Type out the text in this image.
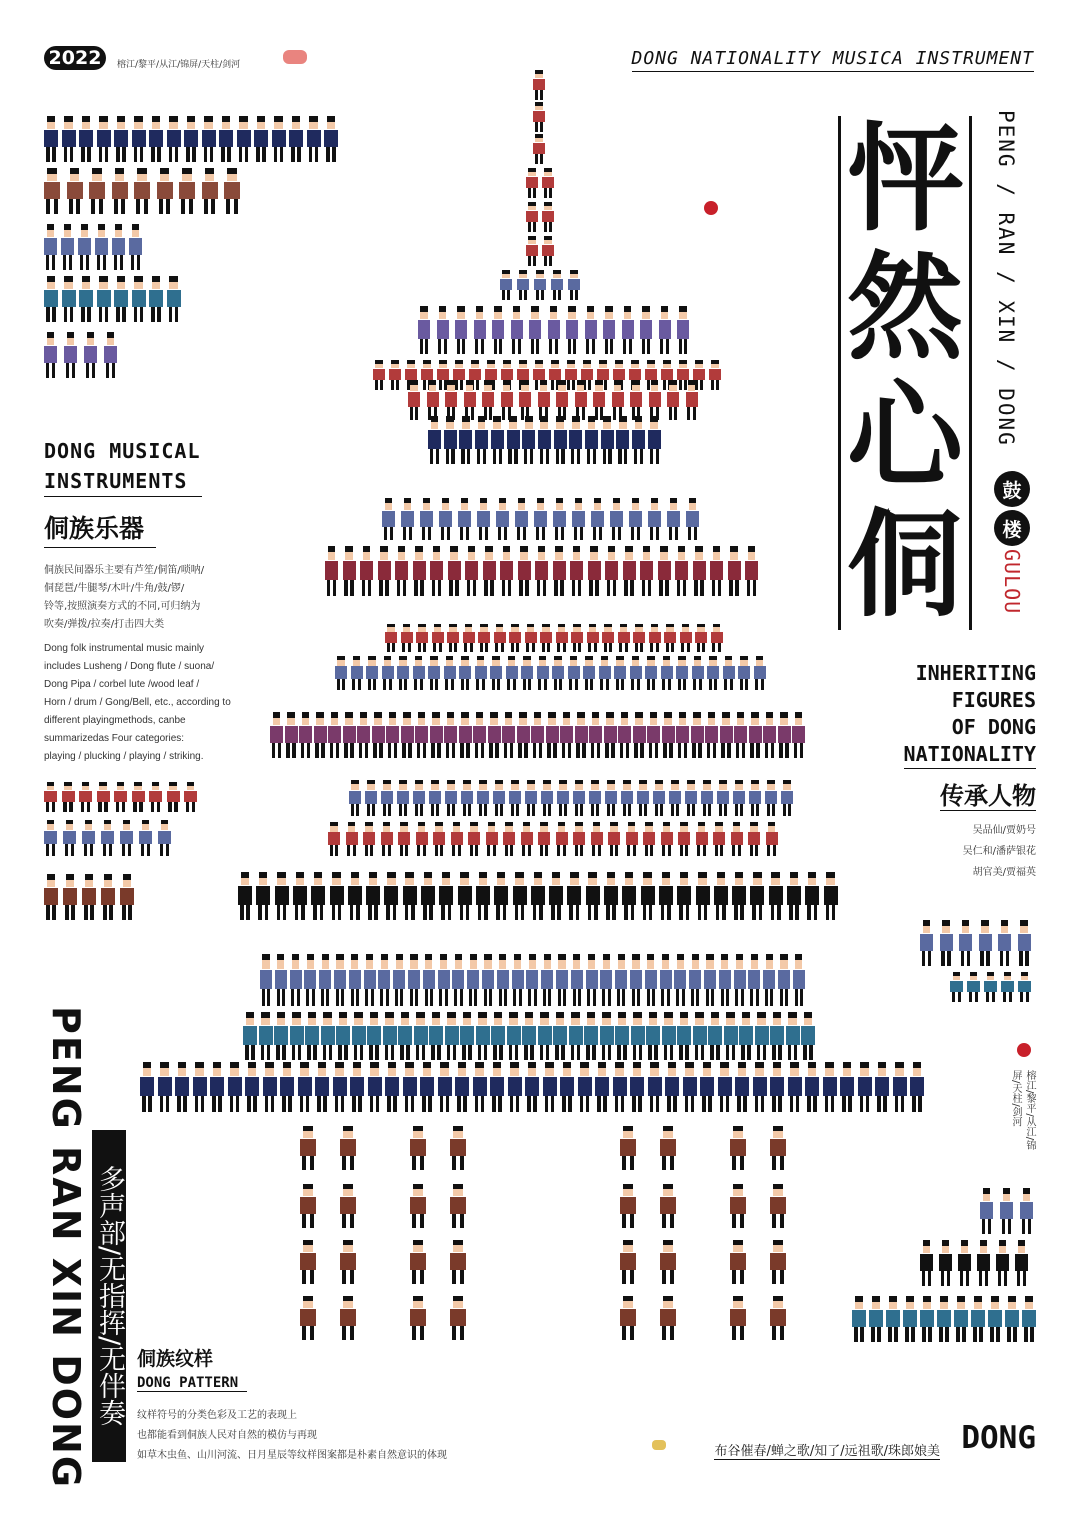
2022	榕江/黎平/从江/锦屏/天柱/剑河	DONG NATIONALITY MUSICA INSTRUMENT
DONG MUSICAL
INSTRUMENTS
侗族乐器
侗族民间器乐主要有芦笙/侗笛/唢呐/
侗琵琶/牛腿琴/木叶/牛角/鼓/锣/
铃等,按照演奏方式的不同,可归纳为
吹奏/弹拨/拉奏/打击四大类
Dong folk instrumental music mainly
includes Lusheng / Dong flute / suona/
Dong Pipa / corbel lute /wood leaf /
Horn / drum / Gong/Bell, etc., according to
different playingmethods, canbe
summarizedas Four categories:
playing / plucking / playing / striking.
怦
然
心
侗
PENG / RAN / XIN / DONG
鼓
楼
GULOU
INHERITING
FIGURES
OF DONG
NATIONALITY
传承人物
吴品仙/贾奶号
吴仁和/潘萨银花
胡官美/贾福英
榕江/黎平/从江/锦屏/天柱/剑河
PENG RAN XIN DONG 多声部/无指挥/无伴奏 侗族纹样
DONG PATTERN
纹样符号的分类色彩及工艺的表现上
也都能看到侗族人民对自然的模仿与再现
如草木虫鱼、山川河流、日月星辰等纹样图案都是朴素自然意识的体现	布谷催春/蝉之歌/知了/远祖歌/珠郎娘美 DONG
